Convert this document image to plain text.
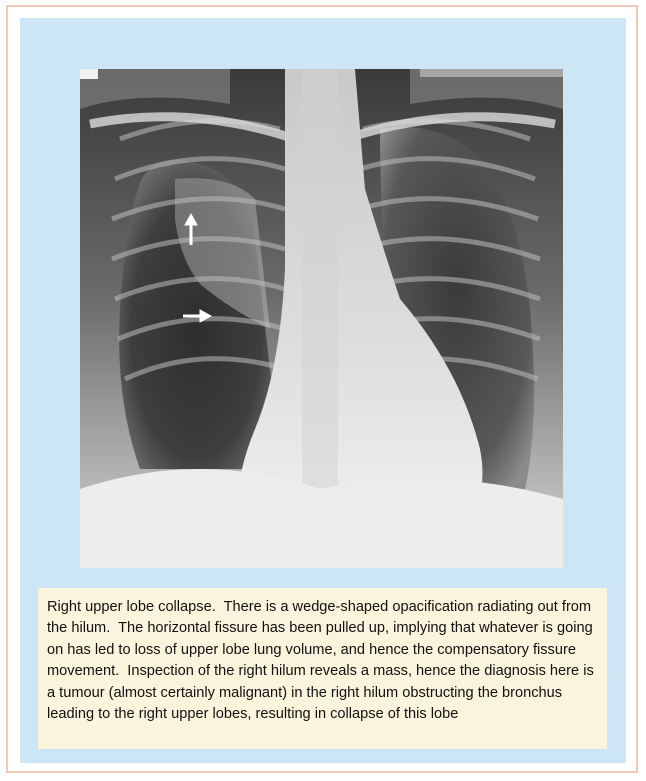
Right upper lobe collapse.  There is a wedge-shaped opacification radiating out from the hilum.  The horizontal fissure has been pulled up, implying that whatever is going on has led to loss of upper lobe lung volume, and hence the compensatory fissure movement.  Inspection of the right hilum reveals a mass, hence the diagnosis here is a tumour (almost certainly malignant) in the right hilum obstructing the bronchus leading to the right upper lobes, resulting in collapse of this lobe
